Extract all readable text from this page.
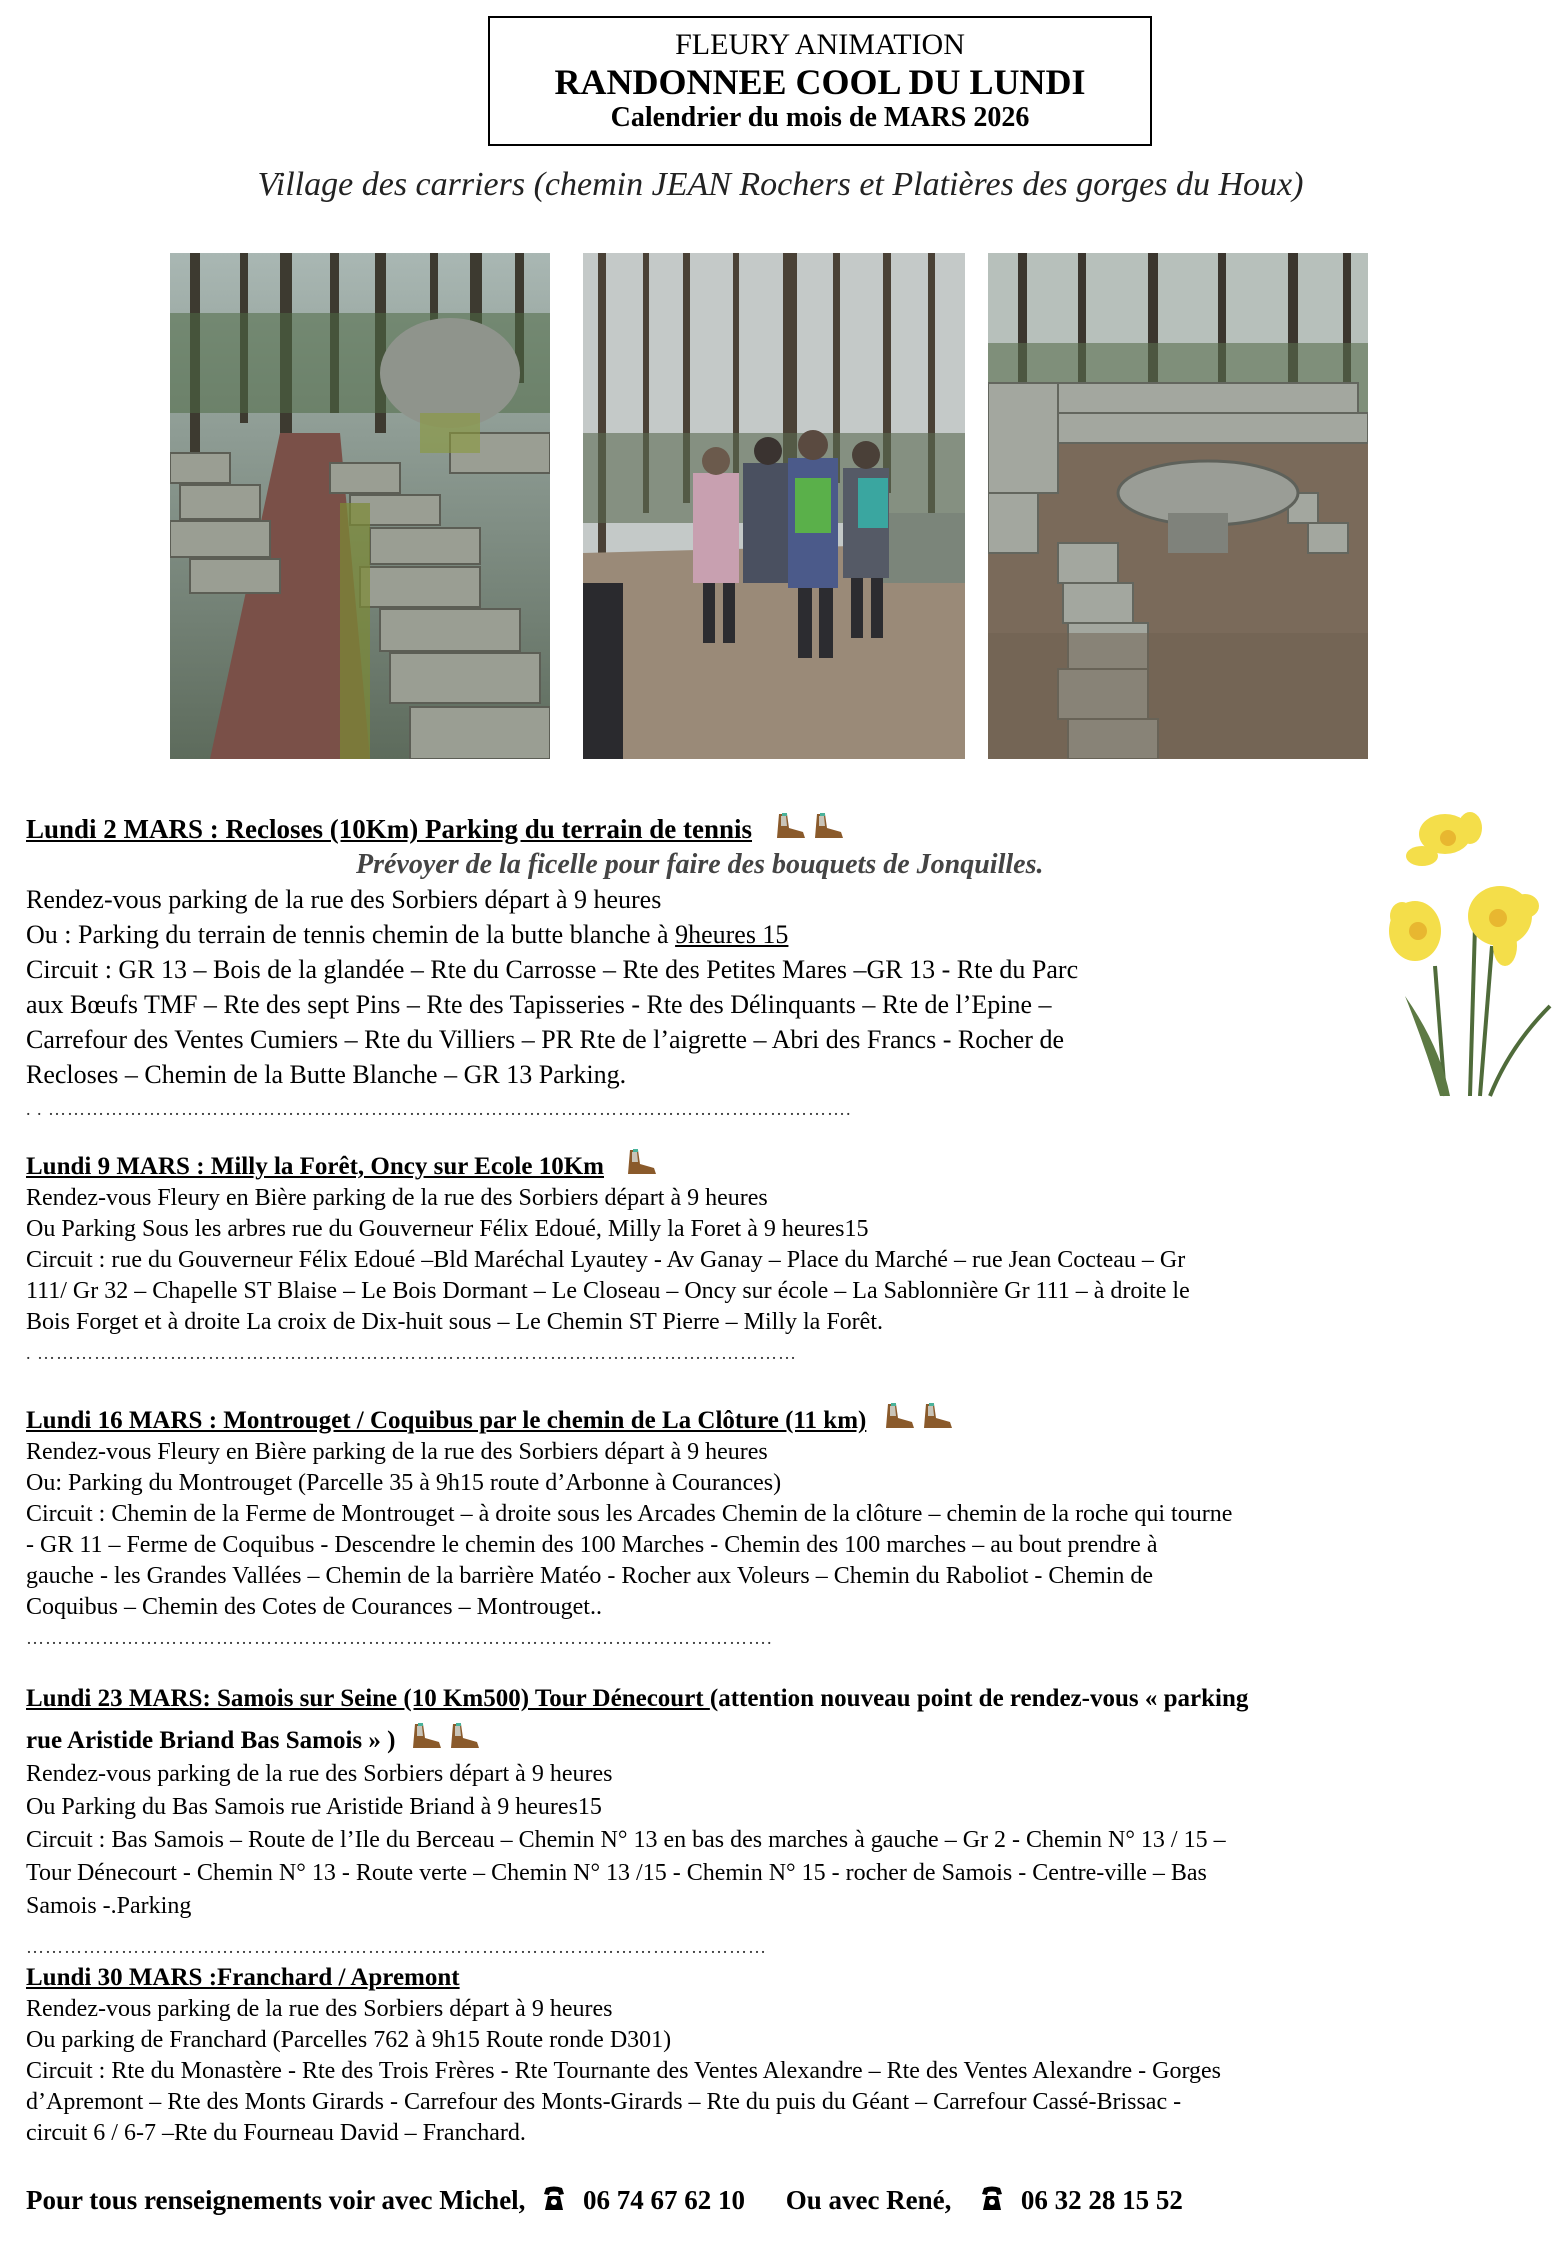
FLEURY ANIMATION
RANDONNEE COOL DU LUNDI
Calendrier du mois de MARS 2026
Village des carriers (chemin JEAN Rochers et Platières des gorges du Houx)
Lundi 2 MARS : Recloses (10Km) Parking du terrain de tennis
Prévoyer de la ficelle pour faire des bouquets de Jonquilles.
Rendez-vous parking de la rue des Sorbiers départ à 9 heures
Ou : Parking du terrain de tennis chemin de la butte blanche à 9heures 15
Circuit : GR 13 – Bois de la glandée – Rte du Carrosse – Rte des Petites Mares –GR 13 - Rte du Parc
aux Bœufs TMF – Rte des sept Pins – Rte des Tapisseries - Rte des Délinquants – Rte de l’Epine –
Carrefour des Ventes Cumiers – Rte du Villiers – PR Rte de l’aigrette – Abri des Francs - Rocher de
Recloses – Chemin de la Butte Blanche – GR 13 Parking.
. . ……………………………………………………………………………………………………………….
Lundi 9 MARS : Milly la Forêt, Oncy sur Ecole 10Km
Rendez-vous Fleury en Bière parking de la rue des Sorbiers départ à 9 heures
Ou Parking Sous les arbres rue du Gouverneur Félix Edoué, Milly la Foret à 9 heures15
Circuit : rue du Gouverneur Félix Edoué –Bld Maréchal Lyautey - Av Ganay – Place du Marché – rue Jean Cocteau – Gr
111/ Gr 32 – Chapelle ST Blaise – Le Bois Dormant – Le Closeau – Oncy sur école – La Sablonnière Gr 111 – à droite le
Bois Forget et à droite La croix de Dix-huit sous – Le Chemin ST Pierre – Milly la Forêt.
. …………………………………………………………………………………………………………
Lundi 16 MARS : Montrouget / Coquibus par le chemin de La Clôture (11 km)
Rendez-vous Fleury en Bière parking de la rue des Sorbiers départ à 9 heures
Ou: Parking du Montrouget (Parcelle 35 à 9h15 route d’Arbonne à Courances)
Circuit : Chemin de la Ferme de Montrouget – à droite sous les Arcades Chemin de la clôture – chemin de la roche qui tourne
- GR 11 – Ferme de Coquibus - Descendre le chemin des 100 Marches - Chemin des 100 marches – au bout prendre à
gauche - les Grandes Vallées – Chemin de la barrière Matéo - Rocher aux Voleurs – Chemin du Raboliot - Chemin de
Coquibus – Chemin des Cotes de Courances – Montrouget..
……………………………………………………………………………………………………….
Lundi 23 MARS: Samois sur Seine (10 Km500) Tour Dénecourt (attention nouveau point de rendez-vous « parking
rue Aristide Briand Bas Samois » )
Rendez-vous parking de la rue des Sorbiers départ à 9 heures
Ou Parking du Bas Samois rue Aristide Briand à 9 heures15
Circuit : Bas Samois – Route de l’Ile du Berceau – Chemin N° 13 en bas des marches à gauche – Gr 2 - Chemin N° 13 / 15 –
Tour Dénecourt - Chemin N° 13 - Route verte – Chemin N° 13 /15 - Chemin N° 15 - rocher de Samois - Centre-ville – Bas
Samois -.Parking
………………………………………………………………………………………………………
Lundi 30 MARS :Franchard / Apremont
Rendez-vous parking de la rue des Sorbiers départ à 9 heures
Ou parking de Franchard (Parcelles 762 à 9h15 Route ronde D301)
Circuit : Rte du Monastère - Rte des Trois Frères - Rte Tournante des Ventes Alexandre – Rte des Ventes Alexandre - Gorges
d’Apremont – Rte des Monts Girards - Carrefour des Monts-Girards – Rte du puis du Géant – Carrefour Cassé-Brissac -
circuit 6 / 6-7 –Rte du Fourneau David – Franchard.
Pour tous renseignements voir avec Michel, 06 74 67 62 10 Ou avec René,	06 32 28 15 52
